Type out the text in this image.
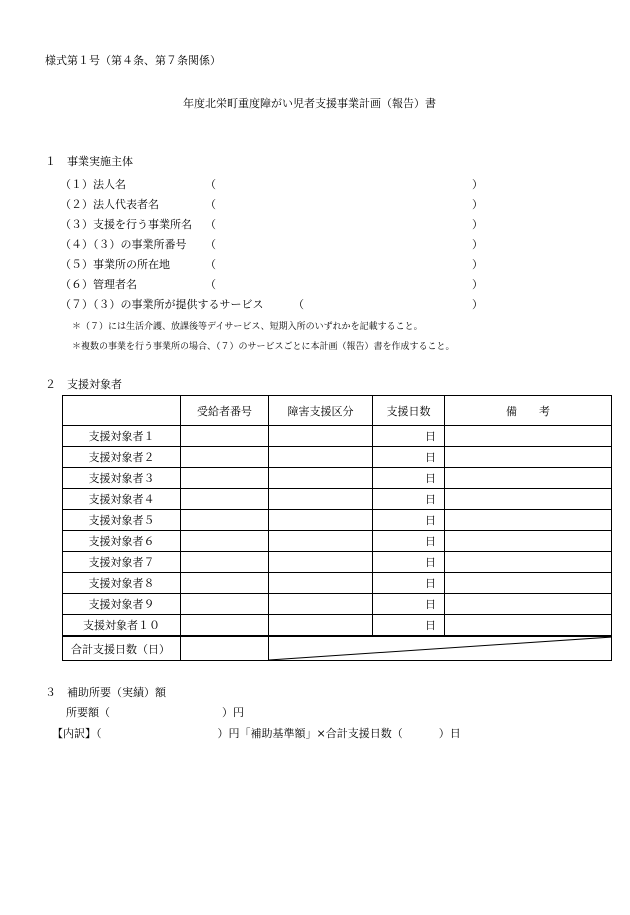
様式第１号（第４条、第７条関係）
年度北栄町重度障がい児者支援事業計画（報告）書
１　事業実施主体
（１）法人名	（	）
（２）法人代表者名	（	）
（３）支援を行う事業所名 （	）
（４）（３）の事業所番号 （	）
（５）事業所の所在地	（	）
（６）管理者名	（	）
（７）（３）の事業所が提供するサービス	（	）
＊（７）には生活介護、放課後等デイサービス、短期入所のいずれかを記載すること。
＊複数の事業を行う事業所の場合、（７）のサービスごとに本計画（報告）書を作成すること。
２　支援対象者
	受給者番号	障害支援区分	支援日数	備　　考
支援対象者１			日	
支援対象者２			日	
支援対象者３			日	
支援対象者４			日	
支援対象者５			日	
支援対象者６			日	
支援対象者７			日	
支援対象者８			日	
支援対象者９			日	
支援対象者１０			日	
合計支援日数（日）		
３　補助所要（実績）額
所要額（	）円
【内訳】（	）円「補助基準額」×合計支援日数（	）日
